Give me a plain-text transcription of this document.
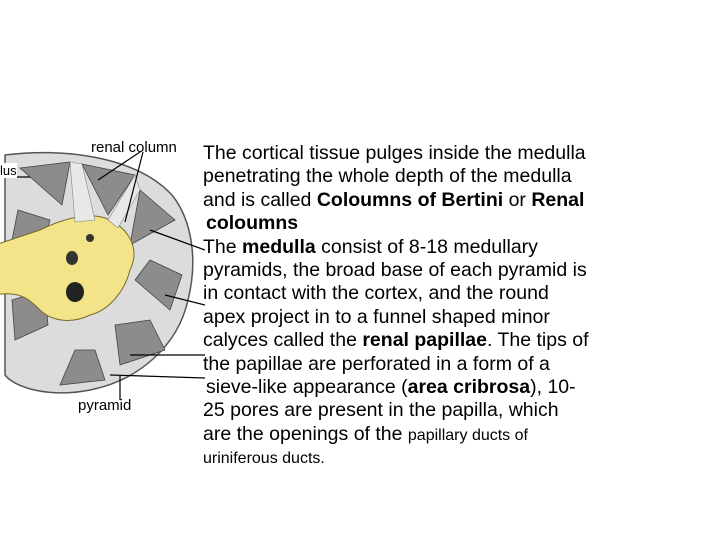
renal column
lus
pyramid
The cortical tissue pulges inside the medulla
penetrating the whole depth of the medulla
and is called Coloumns of Bertini or Renal
coloumns
The medulla consist of 8-18 medullary
pyramids, the broad base of each pyramid is
in contact with the cortex, and the round
apex project in to a funnel shaped minor
calyces called the renal papillae. The tips of
the papillae are perforated in a form of a
sieve-like appearance (area cribrosa), 10-
25 pores are present in the papilla, which
are the openings of the papillary ducts of
uriniferous ducts.
